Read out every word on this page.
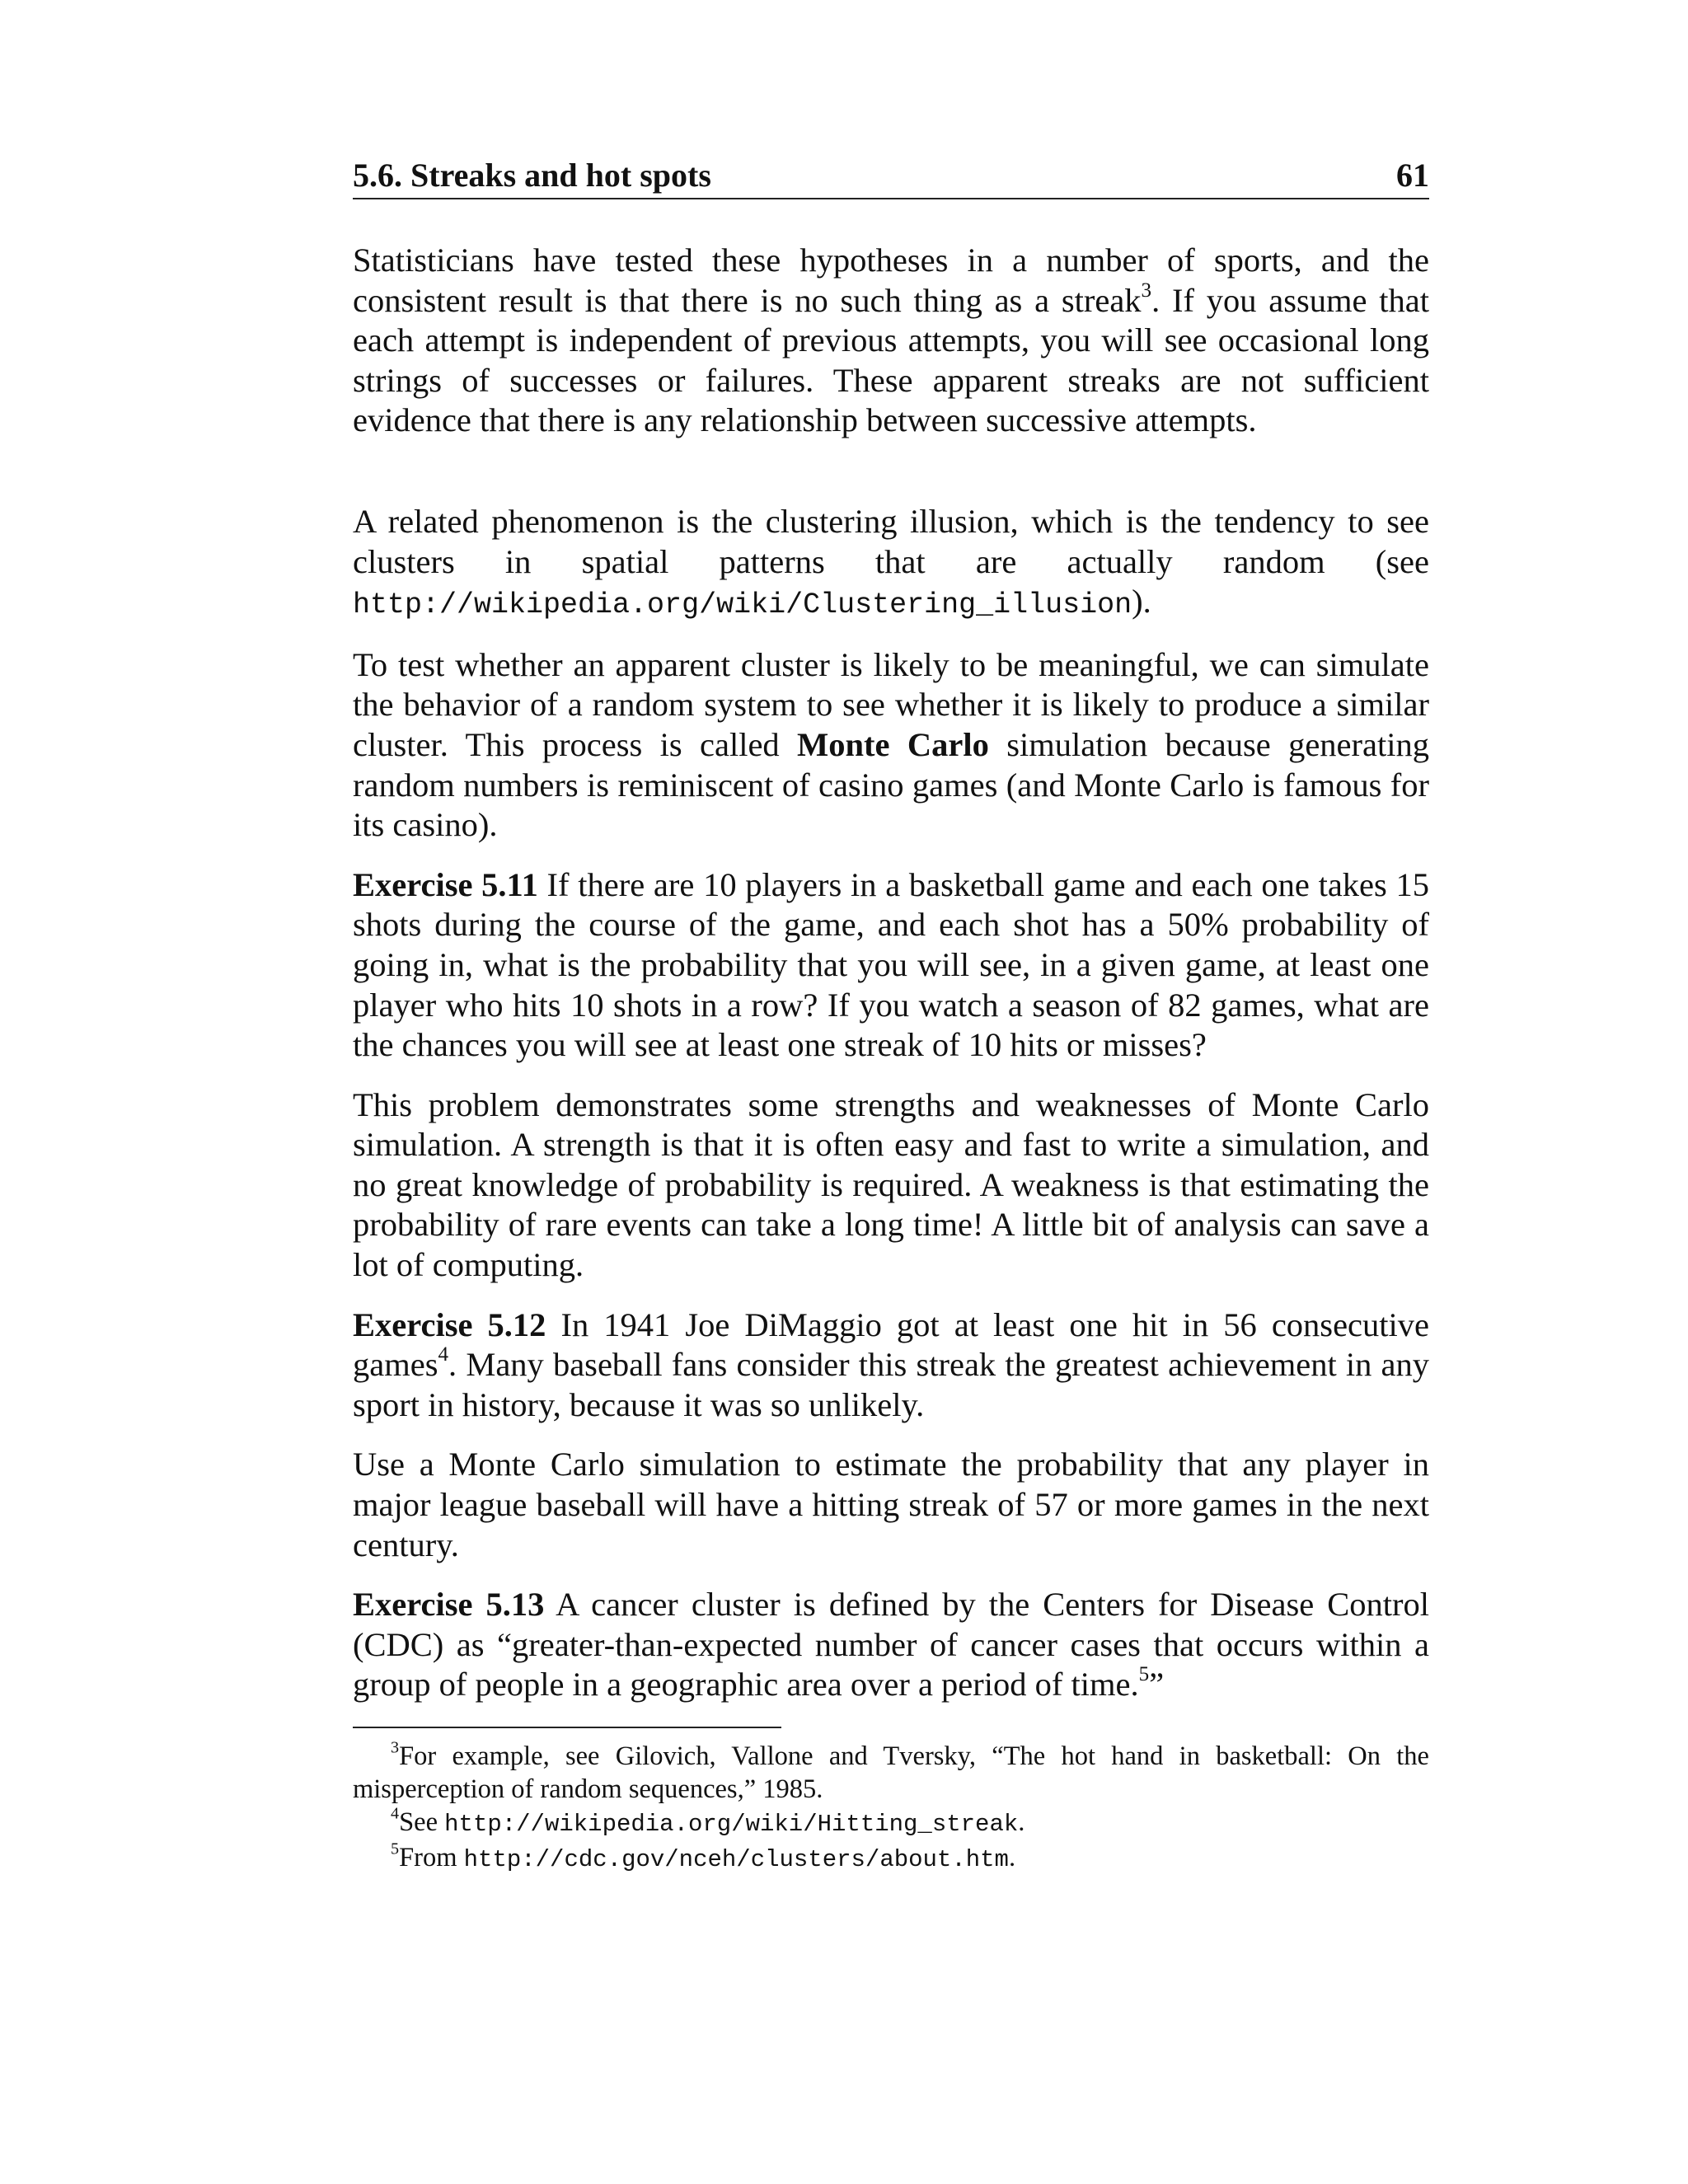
5.6. Streaks and hot spots	61

Statisticians have tested these hypotheses in a number of sports, and the consistent result is that there is no such thing as a streak$^3$. If you assume that each attempt is independent of previous attempts, you will see occasional long strings of successes or failures. These apparent streaks are not sufficient evidence that there is any relationship between successive attempts.

A related phenomenon is the clustering illusion, which is the tendency to see clusters in spatial patterns that are actually random (see http://wikipedia.org/wiki/Clustering_illusion).

To test whether an apparent cluster is likely to be meaningful, we can simulate the behavior of a random system to see whether it is likely to produce a similar cluster. This process is called Monte Carlo simulation because generating random numbers is reminiscent of casino games (and Monte Carlo is famous for its casino).

Exercise 5.11 If there are 10 players in a basketball game and each one takes 15 shots during the course of the game, and each shot has a 50% probability of going in, what is the probability that you will see, in a given game, at least one player who hits 10 shots in a row? If you watch a season of 82 games, what are the chances you will see at least one streak of 10 hits or misses?

This problem demonstrates some strengths and weaknesses of Monte Carlo simulation. A strength is that it is often easy and fast to write a simulation, and no great knowledge of probability is required. A weakness is that estimating the probability of rare events can take a long time! A little bit of analysis can save a lot of computing.

Exercise 5.12 In 1941 Joe DiMaggio got at least one hit in 56 consecutive games$^4$. Many baseball fans consider this streak the greatest achievement in any sport in history, because it was so unlikely.

Use a Monte Carlo simulation to estimate the probability that any player in major league baseball will have a hitting streak of 57 or more games in the next century.

Exercise 5.13 A cancer cluster is defined by the Centers for Disease Control (CDC) as “greater-than-expected number of cancer cases that occurs within a group of people in a geographic area over a period of time.$^5$”

$^3$For example, see Gilovich, Vallone and Tversky, “The hot hand in basketball: On the misperception of random sequences,” 1985.

$^4$See http://wikipedia.org/wiki/Hitting_streak.

$^5$From http://cdc.gov/nceh/clusters/about.htm.
